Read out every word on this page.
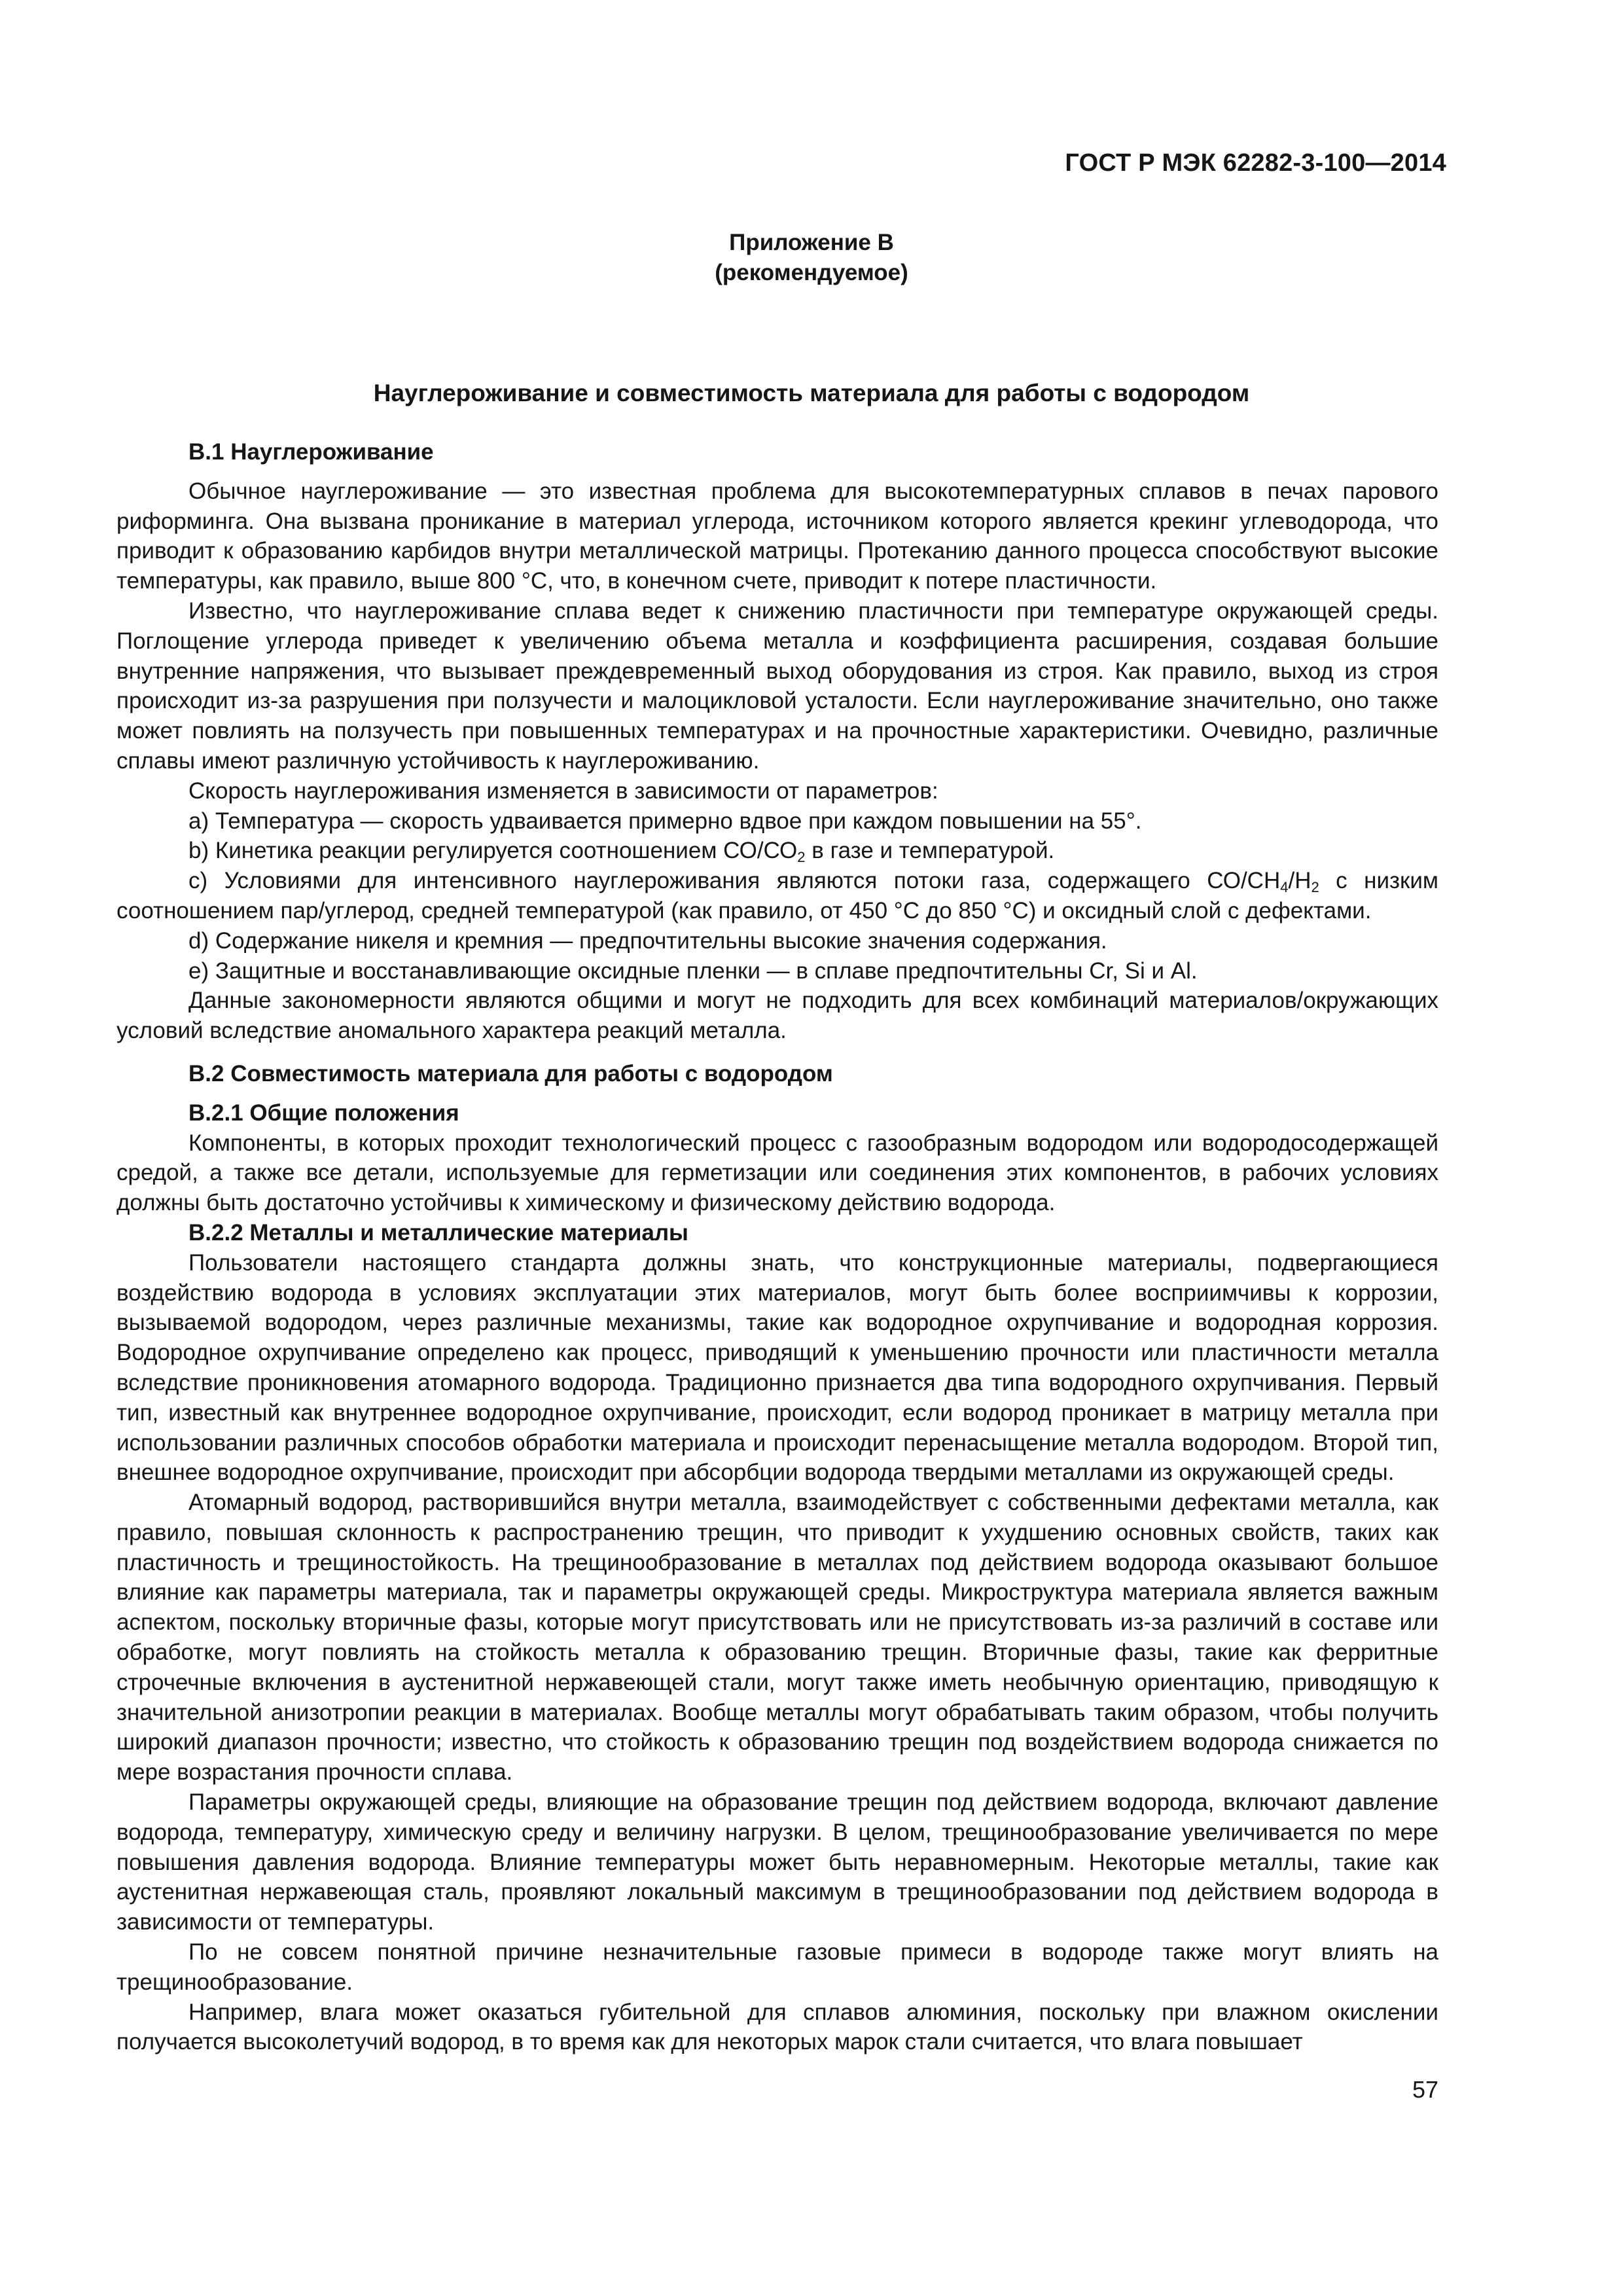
ГОСТ Р МЭК 62282-3-100—2014
Приложение В
(рекомендуемое)
Науглероживание и совместимость материала для работы с водородом
В.1 Науглероживание

Обычное науглероживание — это известная проблема для высокотемпературных сплавов в печах парового риформинга. Она вызвана проникание в материал углерода, источником которого является крекинг углеводорода, что приводит к образованию карбидов внутри металлической матрицы. Протеканию данного процесса способствуют высокие температуры, как правило, выше 800 °С, что, в конечном счете, приводит к потере пластичности.

Известно, что науглероживание сплава ведет к снижению пластичности при температуре окружающей среды. Поглощение углерода приведет к увеличению объема металла и коэффициента расширения, создавая большие внутренние напряжения, что вызывает преждевременный выход оборудования из строя. Как правило, выход из строя происходит из-за разрушения при ползучести и малоцикловой усталости. Если науглероживание значительно, оно также может повлиять на ползучесть при повышенных температурах и на прочностные характеристики. Очевидно, различные сплавы имеют различную устойчивость к науглероживанию.

Скорость науглероживания изменяется в зависимости от параметров:

а) Температура — скорость удваивается примерно вдвое при каждом повышении на 55°.

b) Кинетика реакции регулируется соотношением $СО/СО_2$ в газе и температурой.

с) Условиями для интенсивного науглероживания являются потоки газа, содержащего $СО/СН_4/H_2$ с низким соотношением пар/углерод, средней температурой (как правило, от 450 °С до 850 °С) и оксидный слой с дефектами.

d) Содержание никеля и кремния — предпочтительны высокие значения содержания.

е) Защитные и восстанавливающие оксидные пленки — в сплаве предпочтительны Cr, Si и Al.

Данные закономерности являются общими и могут не подходить для всех комбинаций материалов/окружающих условий вследствие аномального характера реакций металла.

В.2 Совместимость материала для работы с водородом
В.2.1 Общие положения

Компоненты, в которых проходит технологический процесс с газообразным водородом или водородосодержащей средой, а также все детали, используемые для герметизации или соединения этих компонентов, в рабочих условиях должны быть достаточно устойчивы к химическому и физическому действию водорода.

В.2.2 Металлы и металлические материалы

Пользователи настоящего стандарта должны знать, что конструкционные материалы, подвергающиеся воздействию водорода в условиях эксплуатации этих материалов, могут быть более восприимчивы к коррозии, вызываемой водородом, через различные механизмы, такие как водородное охрупчивание и водородная коррозия. Водородное охрупчивание определено как процесс, приводящий к уменьшению прочности или пластичности металла вследствие проникновения атомарного водорода. Традиционно признается два типа водородного охрупчивания. Первый тип, известный как внутреннее водородное охрупчивание, происходит, если водород проникает в матрицу металла при использовании различных способов обработки материала и происходит перенасыщение металла водородом. Второй тип, внешнее водородное охрупчивание, происходит при абсорбции водорода твердыми металлами из окружающей среды.

Атомарный водород, растворившийся внутри металла, взаимодействует с собственными дефектами металла, как правило, повышая склонность к распространению трещин, что приводит к ухудшению основных свойств, таких как пластичность и трещиностойкость. На трещинообразование в металлах под действием водорода оказывают большое влияние как параметры материала, так и параметры окружающей среды. Микроструктура материала является важным аспектом, поскольку вторичные фазы, которые могут присутствовать или не присутствовать из-за различий в составе или обработке, могут повлиять на стойкость металла к образованию трещин. Вторичные фазы, такие как ферритные строчечные включения в аустенитной нержавеющей стали, могут также иметь необычную ориентацию, приводящую к значительной анизотропии реакции в материалах. Вообще металлы могут обрабатывать таким образом, чтобы получить широкий диапазон прочности; известно, что стойкость к образованию трещин под воздействием водорода снижается по мере возрастания прочности сплава.

Параметры окружающей среды, влияющие на образование трещин под действием водорода, включают давление водорода, температуру, химическую среду и величину нагрузки. В целом, трещинообразование увеличивается по мере повышения давления водорода. Влияние температуры может быть неравномерным. Некоторые металлы, такие как аустенитная нержавеющая сталь, проявляют локальный максимум в трещинообразовании под действием водорода в зависимости от температуры.

По не совсем понятной причине незначительные газовые примеси в водороде также могут влиять на трещинообразование.

Например, влага может оказаться губительной для сплавов алюминия, поскольку при влажном окислении получается высоколетучий водород, в то время как для некоторых марок стали считается, что влага повышает

57
